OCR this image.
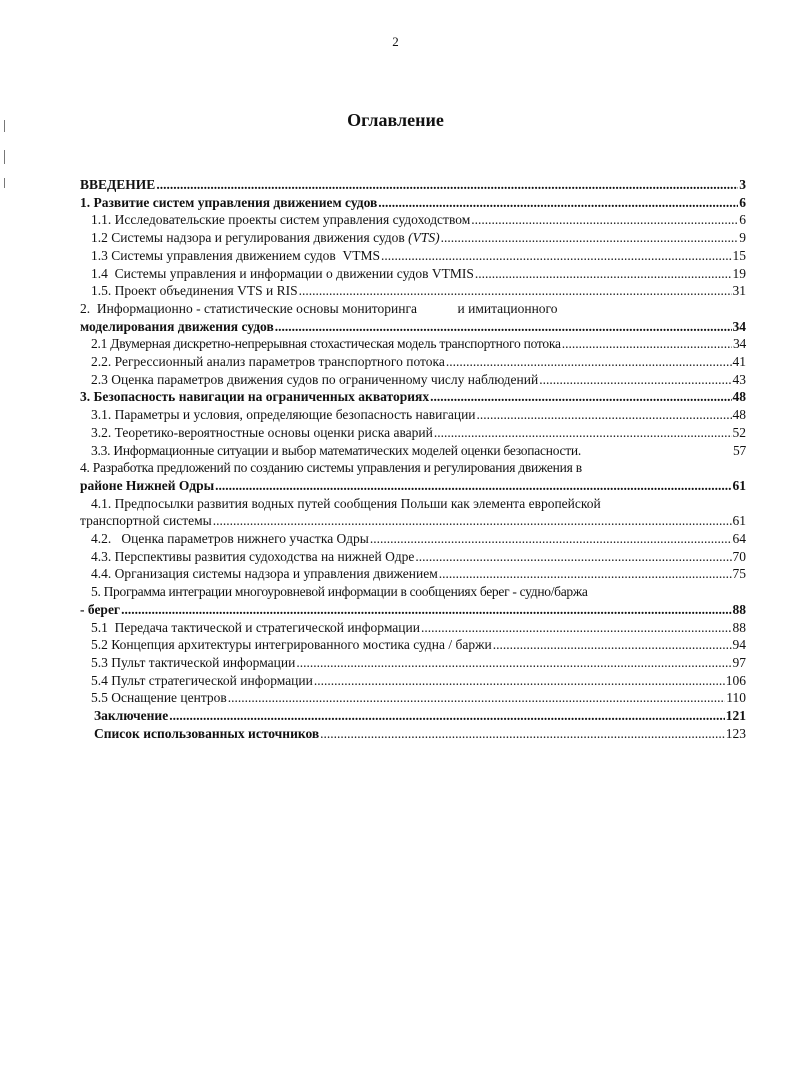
2
Оглавление
ВВЕДЕНИЕ .....	3
1. Развитие систем управления движением судов .....	6
1.1. Исследовательские проекты систем управления судоходством .....	6
1.2 Системы надзора и регулирования движения судов (VTS) .....	9
1.3 Системы управления движением судов  VTMS .....	15
1.4  Системы управления и информации о движении судов VTMIS .....	19
1.5. Проект объединения VTS и RIS .....	31
2.  Информационно - статистические основы мониторинга            и имитационного
моделирования движения судов .....	34
2.1 Двумерная дискретно-непрерывная стохастическая модель транспортного потока .....	34
2.2. Регрессионный анализ параметров транспортного потока .....	41
2.3 Оценка параметров движения судов по ограниченному числу наблюдений .....	43
3. Безопасность навигации на ограниченных акваториях .....	48
3.1. Параметры и условия, определяющие безопасность навигации .....	48
3.2. Теоретико-вероятностные основы оценки риска аварий .....	52
3.3. Информационные ситуации и выбор математических моделей оценки безопасности.	57
4. Разработка предложений по созданию системы управления и регулирования движения в
районе Нижней Одры .....	61
4.1. Предпосылки развития водных путей сообщения Польши как элемента европейской
транспортной системы .....	61
4.2.   Оценка параметров нижнего участка Одры .....	64
4.3. Перспективы развития судоходства на нижней Одре .....	70
4.4. Организация системы надзора и управления движением .....	75
5. Программа интеграции многоуровневой информации в сообщениях берег - судно/баржа
- берег .....	88
5.1  Передача тактической и стратегической информации .....	88
5.2 Концепция архитектуры интегрированного мостика судна / баржи .....	94
5.3 Пульт тактической информации .....	97
5.4 Пульт стратегической информации .....	106
5.5 Оснащение центров .....	110
Заключение .....	121
Список использованных источников .....	123
